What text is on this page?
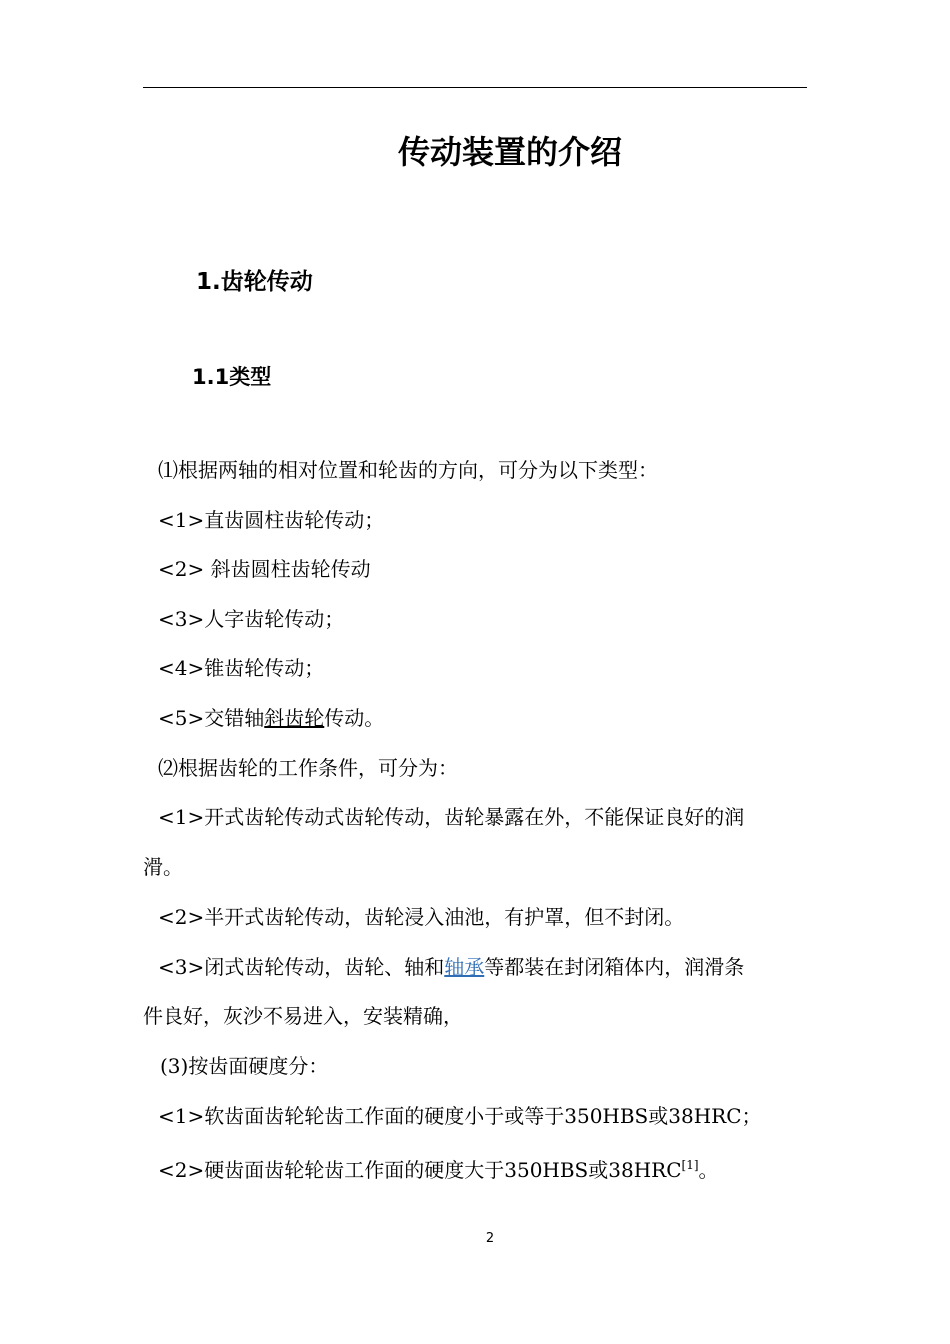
传动装置的介绍
1.齿轮传动
1.1类型
⑴根据两轴的相对位置和轮齿的方向，可分为以下类型：
<1>直齿圆柱齿轮传动；
<2> 斜齿圆柱齿轮传动
<3>人字齿轮传动；
<4>锥齿轮传动；
<5>交错轴斜齿轮传动。
⑵根据齿轮的工作条件，可分为：
<1>开式齿轮传动式齿轮传动，齿轮暴露在外，不能保证良好的润
滑。
<2>半开式齿轮传动，齿轮浸入油池，有护罩，但不封闭。
<3>闭式齿轮传动，齿轮、轴和轴承等都装在封闭箱体内，润滑条
件良好，灰沙不易进入，安装精确，
(3)按齿面硬度分：
<1>软齿面齿轮轮齿工作面的硬度小于或等于350HBS或38HRC；
<2>硬齿面齿轮轮齿工作面的硬度大于350HBS或38HRC[1]。
2
